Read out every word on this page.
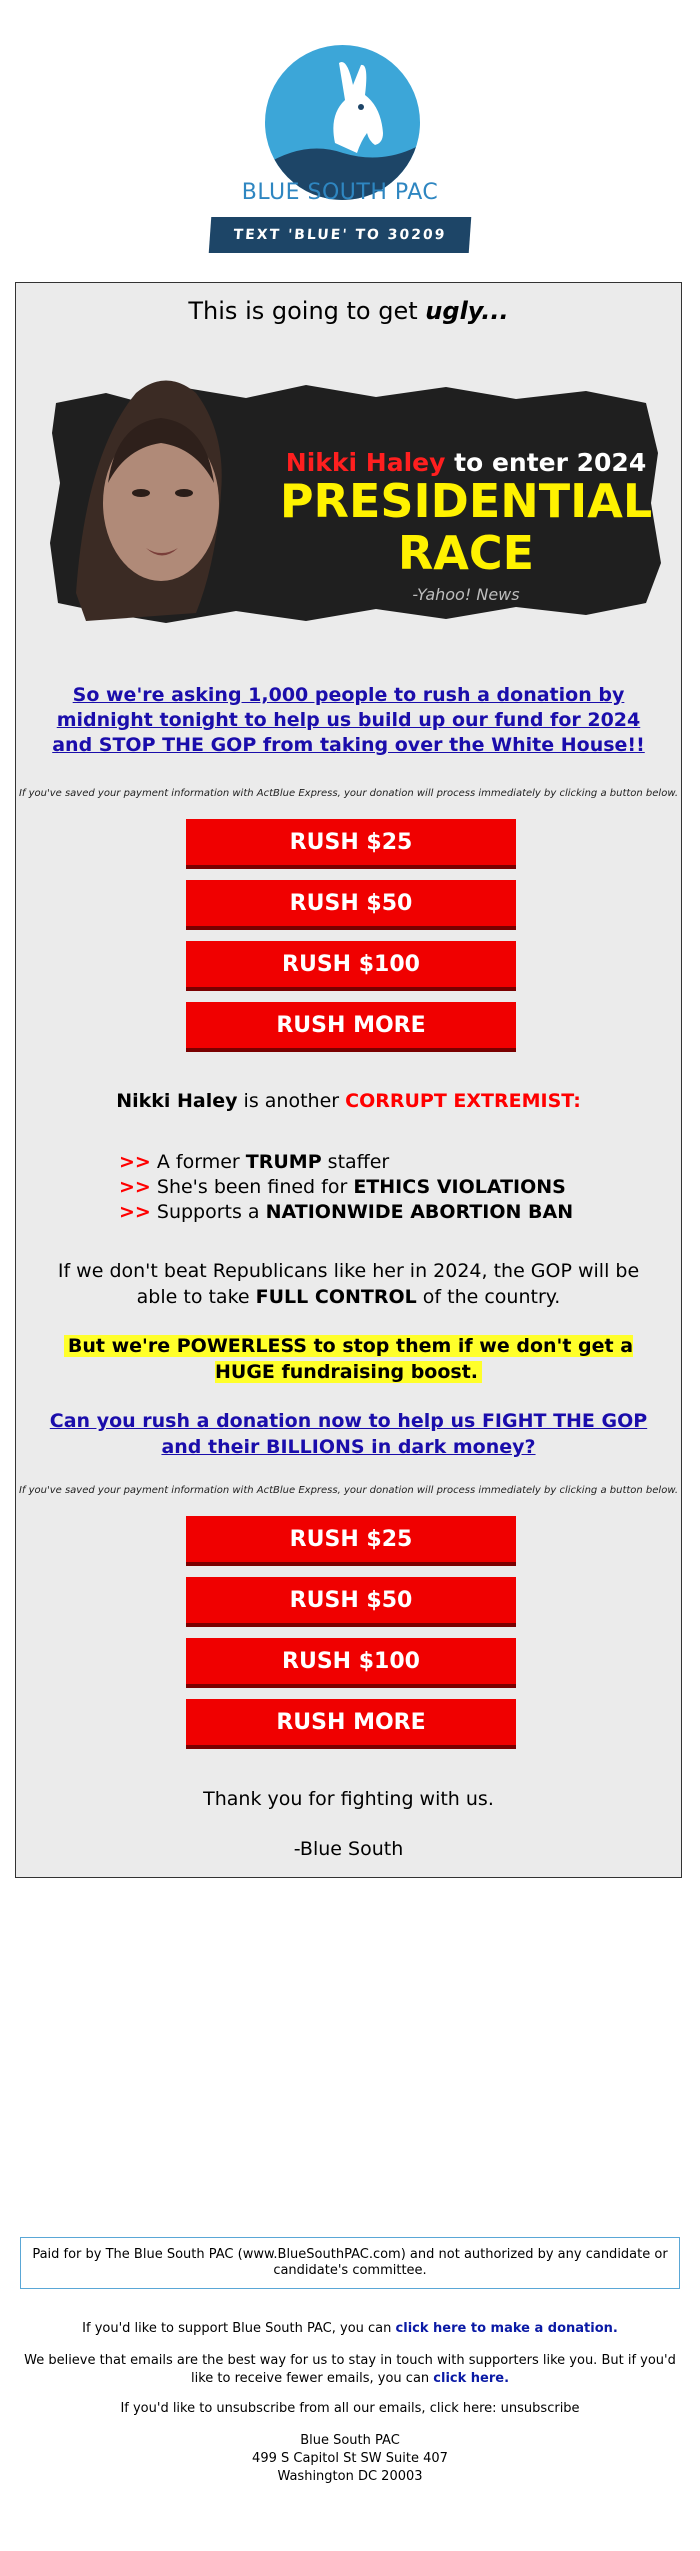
BLUE SOUTH PAC
TEXT 'BLUE' TO 30209
This is going to get ugly...
Nikki Haley to enter 2024
PRESIDENTIAL
RACE
-Yahoo! News
So we're asking 1,000 people to rush a donation by midnight tonight to help us build up our fund for 2024 and STOP THE GOP from taking over the White House!!
If you've saved your payment information with ActBlue Express, your donation will process immediately by clicking a button below.
RUSH $25
RUSH $50
RUSH $100
RUSH MORE
Nikki Haley is another CORRUPT EXTREMIST:
>> A former TRUMP staffer
>> She's been fined for ETHICS VIOLATIONS
>> Supports a NATIONWIDE ABORTION BAN
If we don't beat Republicans like her in 2024, the GOP will be able to take FULL CONTROL of the country.
But we're POWERLESS to stop them if we don't get a HUGE fundraising boost.
Can you rush a donation now to help us FIGHT THE GOP and their BILLIONS in dark money?
If you've saved your payment information with ActBlue Express, your donation will process immediately by clicking a button below.
RUSH $25
RUSH $50
RUSH $100
RUSH MORE
Thank you for fighting with us.
-Blue South
Paid for by The Blue South PAC (www.BlueSouthPAC.com) and not authorized by any candidate or candidate's committee.
If you'd like to support Blue South PAC, you can click here to make a donation.
We believe that emails are the best way for us to stay in touch with supporters like you. But if you'd like to receive fewer emails, you can click here.
If you'd like to unsubscribe from all our emails, click here: unsubscribe
Blue South PAC
499 S Capitol St SW Suite 407
Washington DC 20003
